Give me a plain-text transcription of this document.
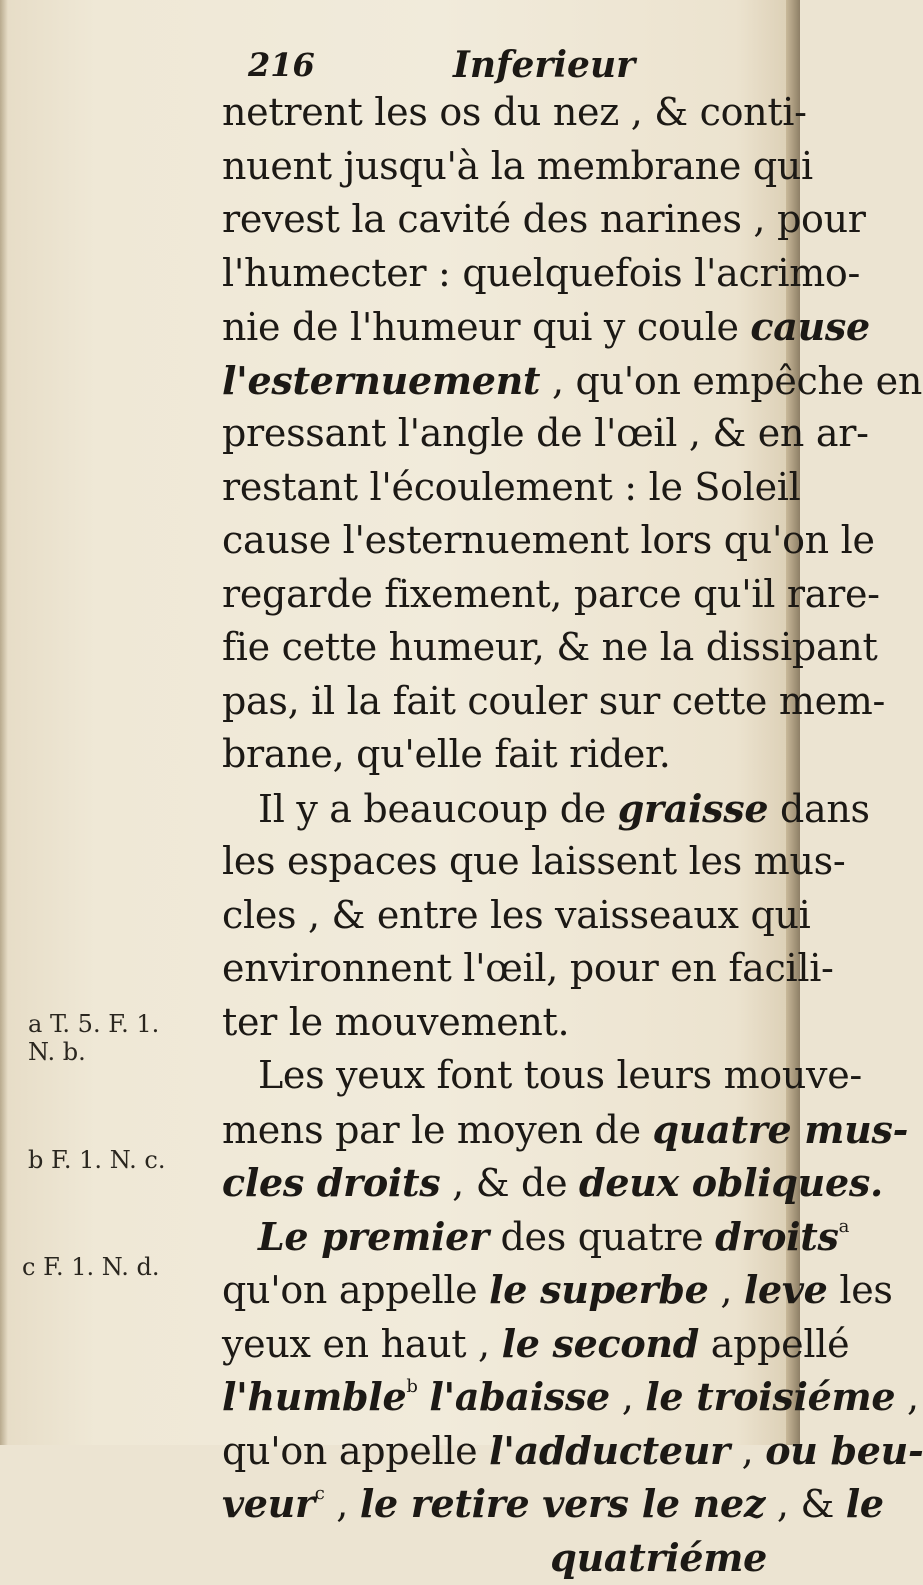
216	Inferieur
netrent les os du nez , & conti-
nuent jusqu'à la membrane qui
revest la cavité des narines , pour
l'humecter : quelquefois l'acrimo-
nie de l'humeur qui y coule cause
l'esternuement , qu'on empêche en
pressant l'angle de l'œil , & en ar-
restant l'écoulement : le Soleil
cause l'esternuement lors qu'on le
regarde fixement, parce qu'il rare-
fie cette humeur, & ne la dissipant
pas, il la fait couler sur cette mem-
brane, qu'elle fait rider.
Il y a beaucoup de graisse dans
les espaces que laissent les mus-
cles , & entre les vaisseaux qui
environnent l'œil, pour en facili-
ter le mouvement.
Les yeux font tous leurs mouve-
mens par le moyen de quatre mus-
cles droits , & de deux obliques.
Le premier des quatre droits$^a$
qu'on appelle le superbe , leve les
yeux en haut , le second appellé
l'humble$^b$ l'abaisse , le troisiéme ,
qu'on appelle l'adducteur , ou beu-
veur$^c$ , le retire vers le nez , & le
quatriéme
a T. 5. F. 1. N. b.
b F. 1. N. c.
c F. 1. N. d.
